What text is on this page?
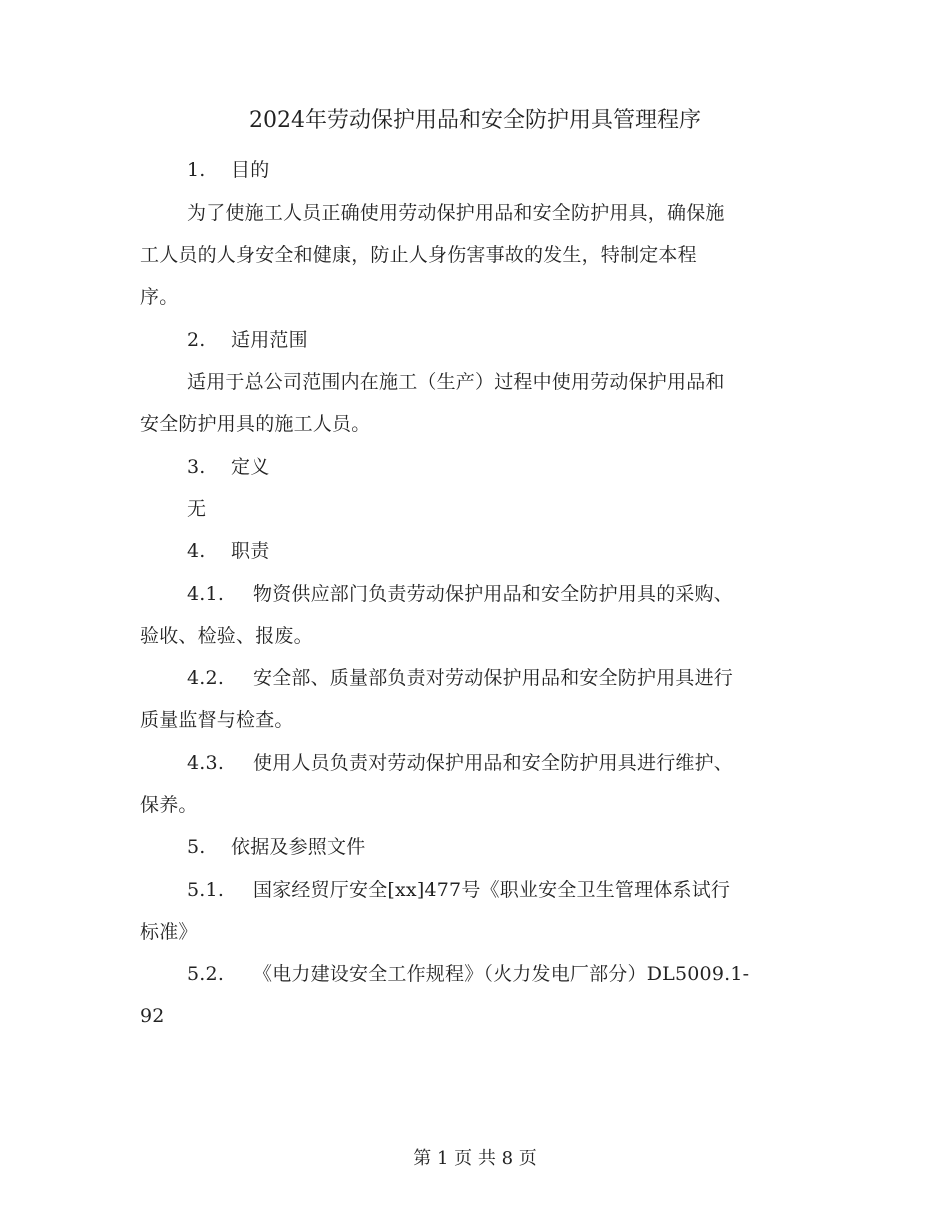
2024年劳动保护用品和安全防护用具管理程序
1. 目的
为了使施工人员正确使用劳动保护用品和安全防护用具，确保施
工人员的人身安全和健康，防止人身伤害事故的发生，特制定本程
序。
2. 适用范围
适用于总公司范围内在施工（生产）过程中使用劳动保护用品和
安全防护用具的施工人员。
3. 定义
无
4. 职责
4.1. 物资供应部门负责劳动保护用品和安全防护用具的采购、
验收、检验、报废。
4.2. 安全部、质量部负责对劳动保护用品和安全防护用具进行
质量监督与检查。
4.3. 使用人员负责对劳动保护用品和安全防护用具进行维护、
保养。
5. 依据及参照文件
5.1. 国家经贸厅安全[xx]477号《职业安全卫生管理体系试行
标准》
5.2. 《电力建设安全工作规程》（火力发电厂部分）DL5009.1-
92
第 1 页 共 8 页
